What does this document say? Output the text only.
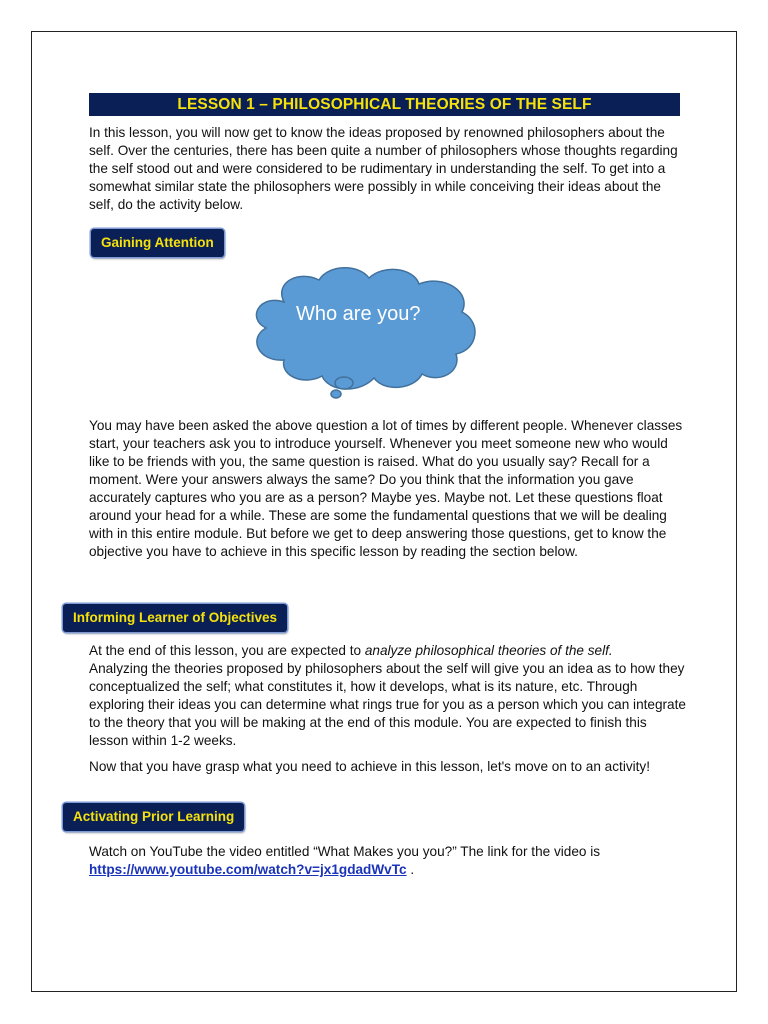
LESSON 1 – PHILOSOPHICAL THEORIES OF THE SELF

In this lesson, you will now get to know the ideas proposed by renowned philosophers about the self. Over the centuries, there has been quite a number of philosophers whose thoughts regarding the self stood out and were considered to be rudimentary in understanding the self. To get into a somewhat similar state the philosophers were possibly in while conceiving their ideas about the self, do the activity below.

Gaining Attention
Who are you?

You may have been asked the above question a lot of times by different people. Whenever classes start, your teachers ask you to introduce yourself. Whenever you meet someone new who would like to be friends with you, the same question is raised. What do you usually say? Recall for a moment. Were your answers always the same? Do you think that the information you gave accurately captures who you are as a person? Maybe yes. Maybe not. Let these questions float around your head for a while. These are some the fundamental questions that we will be dealing with in this entire module. But before we get to deep answering those questions, get to know the objective you have to achieve in this specific lesson by reading the section below.

Informing Learner of Objectives

At the end of this lesson, you are expected to analyze philosophical theories of the self.

Analyzing the theories proposed by philosophers about the self will give you an idea as to how they conceptualized the self; what constitutes it, how it develops, what is its nature, etc. Through exploring their ideas you can determine what rings true for you as a person which you can integrate to the theory that you will be making at the end of this module. You are expected to finish this lesson within 1-2 weeks.

Now that you have grasp what you need to achieve in this lesson, let's move on to an activity!

Activating Prior Learning

Watch on YouTube the video entitled “What Makes you you?” The link for the video is

https://www.youtube.com/watch?v=jx1gdadWvTc .
